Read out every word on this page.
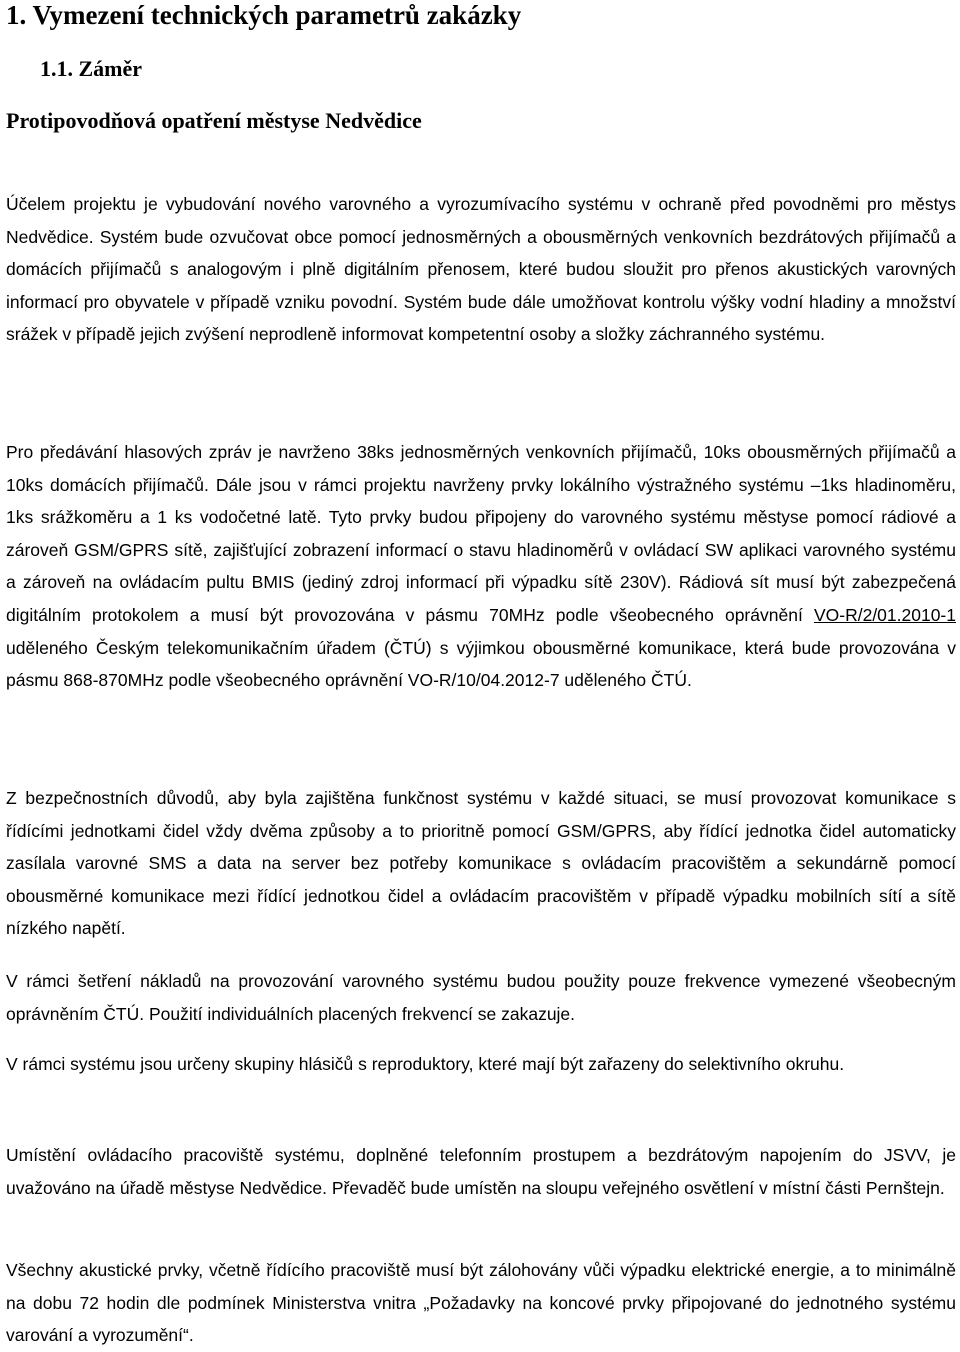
1. Vymezení technických parametrů zakázky
1.1. Záměr
Protipovodňová opatření městyse Nedvědice

Účelem projektu je vybudování nového varovného a vyrozumívacího systému v ochraně před povodněmi pro městys Nedvědice. Systém bude ozvučovat obce pomocí jednosměrných a obousměrných venkovních bezdrátových přijímačů a domácích přijímačů s analogovým i plně digitálním přenosem, které budou sloužit pro přenos akustických varovných informací pro obyvatele v případě vzniku povodní. Systém bude dále umožňovat kontrolu výšky vodní hladiny a množství srážek v případě jejich zvýšení neprodleně informovat kompetentní osoby a složky záchranného systému.

Pro předávání hlasových zpráv je navrženo 38ks jednosměrných venkovních přijímačů, 10ks obousměrných přijímačů a 10ks domácích přijímačů. Dále jsou v rámci projektu navrženy prvky lokálního výstražného systému –1ks hladinoměru, 1ks srážkoměru a 1 ks vodočetné latě. Tyto prvky budou připojeny do varovného systému městyse pomocí rádiové a zároveň GSM/GPRS sítě, zajišťující zobrazení informací o stavu hladinoměrů v ovládací SW aplikaci varovného systému a zároveň na ovládacím pultu BMIS (jediný zdroj informací při výpadku sítě 230V). Rádiová sít musí být zabezpečená digitálním protokolem a musí být provozována v pásmu 70MHz podle všeobecného oprávnění VO-R/2/01.2010-1 uděleného Českým telekomunikačním úřadem (ČTÚ) s výjimkou obousměrné komunikace, která bude provozována v pásmu 868-870MHz podle všeobecného oprávnění VO-R/10/04.2012-7 uděleného ČTÚ.

Z bezpečnostních důvodů, aby byla zajištěna funkčnost systému v každé situaci, se musí provozovat komunikace s řídícími jednotkami čidel vždy dvěma způsoby a to prioritně pomocí GSM/GPRS, aby řídící jednotka čidel automaticky zasílala varovné SMS a data na server bez potřeby komunikace s ovládacím pracovištěm a sekundárně pomocí obousměrné komunikace mezi řídící jednotkou čidel a ovládacím pracovištěm v případě výpadku mobilních sítí a sítě nízkého napětí.

V rámci šetření nákladů na provozování varovného systému budou použity pouze frekvence vymezené všeobecným oprávněním ČTÚ. Použití individuálních placených frekvencí se zakazuje.

V rámci systému jsou určeny skupiny hlásičů s reproduktory, které mají být zařazeny do selektivního okruhu.

Umístění ovládacího pracoviště systému, doplněné telefonním prostupem a bezdrátovým napojením do JSVV, je uvažováno na úřadě městyse Nedvědice. Převaděč bude umístěn na sloupu veřejného osvětlení v místní části Pernštejn.

Všechny akustické prvky, včetně řídícího pracoviště musí být zálohovány vůči výpadku elektrické energie, a to minimálně na dobu 72 hodin dle podmínek Ministerstva vnitra „Požadavky na koncové prvky připojované do jednotného systému varování a vyrozumění“.
